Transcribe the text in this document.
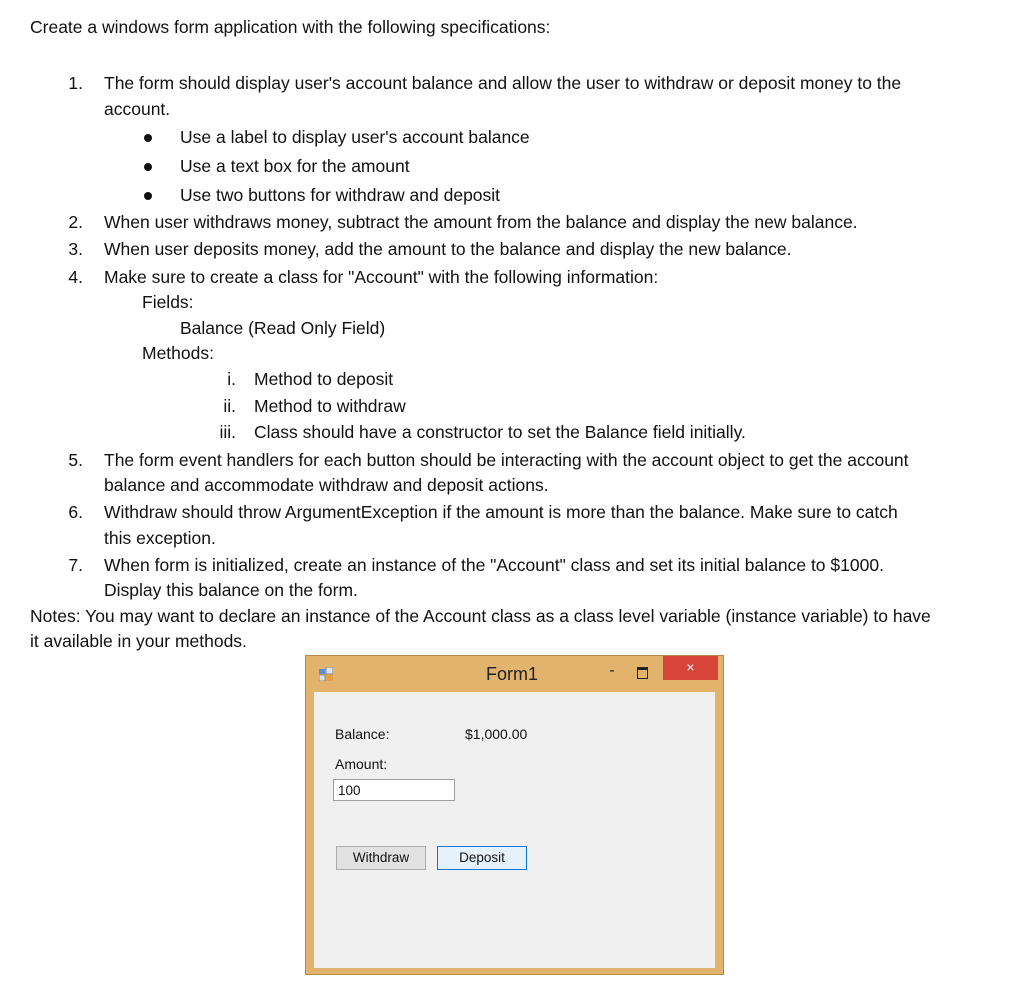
Create a windows form application with the following specifications:
1. The form should display user's account balance and allow the user to withdraw or deposit money to the
account.
Use a label to display user's account balance
Use a text box for the amount
Use two buttons for withdraw and deposit
2. When user withdraws money, subtract the amount from the balance and display the new balance.
3. When user deposits money, add the amount to the balance and display the new balance.
4. Make sure to create a class for "Account" with the following information:
Fields:
Balance (Read Only Field)
Methods:
i. Method to deposit
ii. Method to withdraw
iii. Class should have a constructor to set the Balance field initially.
5. The form event handlers for each button should be interacting with the account object to get the account
balance and accommodate withdraw and deposit actions.
6. Withdraw should throw ArgumentException if the amount is more than the balance. Make sure to catch
this exception.
7. When form is initialized, create an instance of the "Account" class and set its initial balance to $1000.
Display this balance on the form.
Notes: You may want to declare an instance of the Account class as a class level variable (instance variable) to have
it available in your methods.
Form1	-	×
Balance:	$1,000.00
Amount:
100
Withdraw	Deposit
